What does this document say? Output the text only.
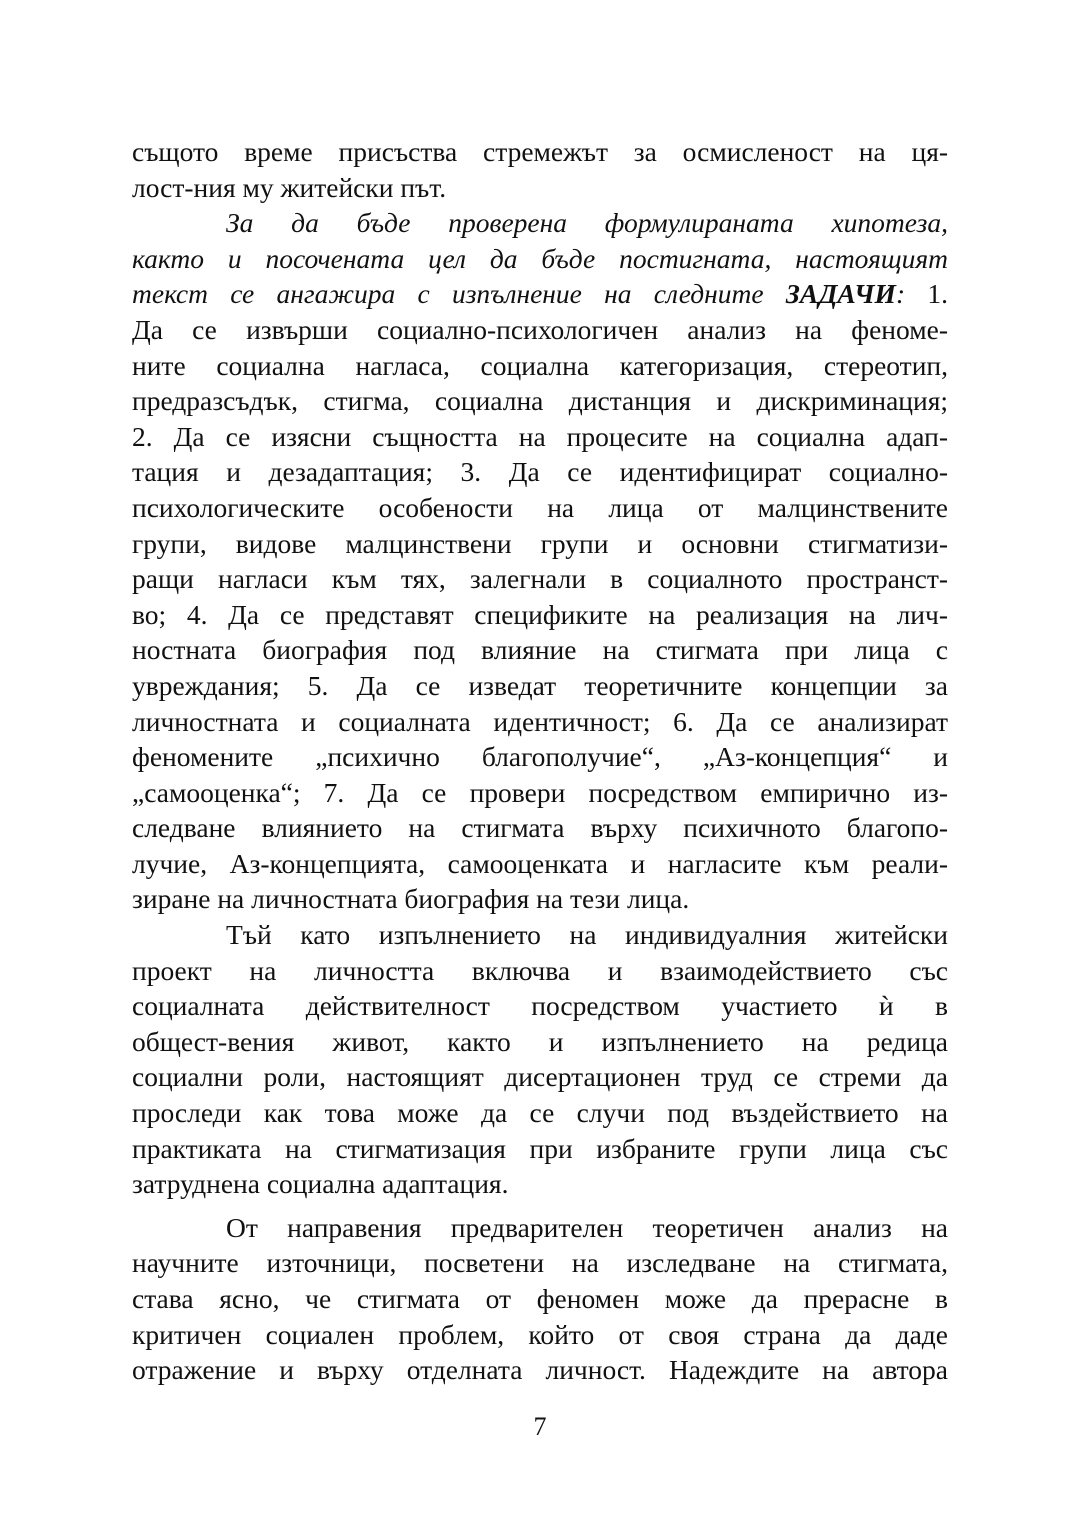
същото време присъства стремежът за осмисленост на ця-
лост-ния му житейски път.
За да бъде проверена формулираната хипотеза,
както и посочената цел да бъде постигната, настоящият
текст се ангажира с изпълнение на следните ЗАДАЧИ: 1.
Да се извърши социално-психологичен анализ на феноме-
ните социална нагласа, социална категоризация, стереотип,
предразсъдък, стигма, социална дистанция и дискриминация;
2. Да се изясни същността на процесите на социална адап-
тация и дезадаптация; 3. Да се идентифицират социално-
психологическите особености на лица от малцинствените
групи, видове малцинствени групи и основни стигматизи-
ращи нагласи към тях, залегнали в социалното пространст-
во; 4. Да се представят спецификите на реализация на лич-
ностната биография под влияние на стигмата при лица с
увреждания; 5. Да се изведат теоретичните концепции за
личностната и социалната идентичност; 6. Да се анализират
феномените „психично благополучие“, „Аз-концепция“ и
„самооценка“; 7. Да се провери посредством емпирично из-
следване влиянието на стигмата върху психичното благопо-
лучие, Аз-концепцията, самооценката и нагласите към реали-
зиране на личностната биография на тези лица.
Тъй като изпълнението на индивидуалния житейски
проект на личността включва и взаимодействието със
социалната действителност посредством участието ѝ в
общест-вения живот, както и изпълнението на редица
социални роли, настоящият дисертационен труд се стреми да
проследи как това може да се случи под въздействието на
практиката на стигматизация при избраните групи лица със
затруднена социална адаптация.
От направения предварителен теоретичен анализ на
научните източници, посветени на изследване на стигмата,
става ясно, че стигмата от феномен може да прерасне в
критичен социален проблем, който от своя страна да даде
отражение и върху отделната личност. Надеждите на автора
7
